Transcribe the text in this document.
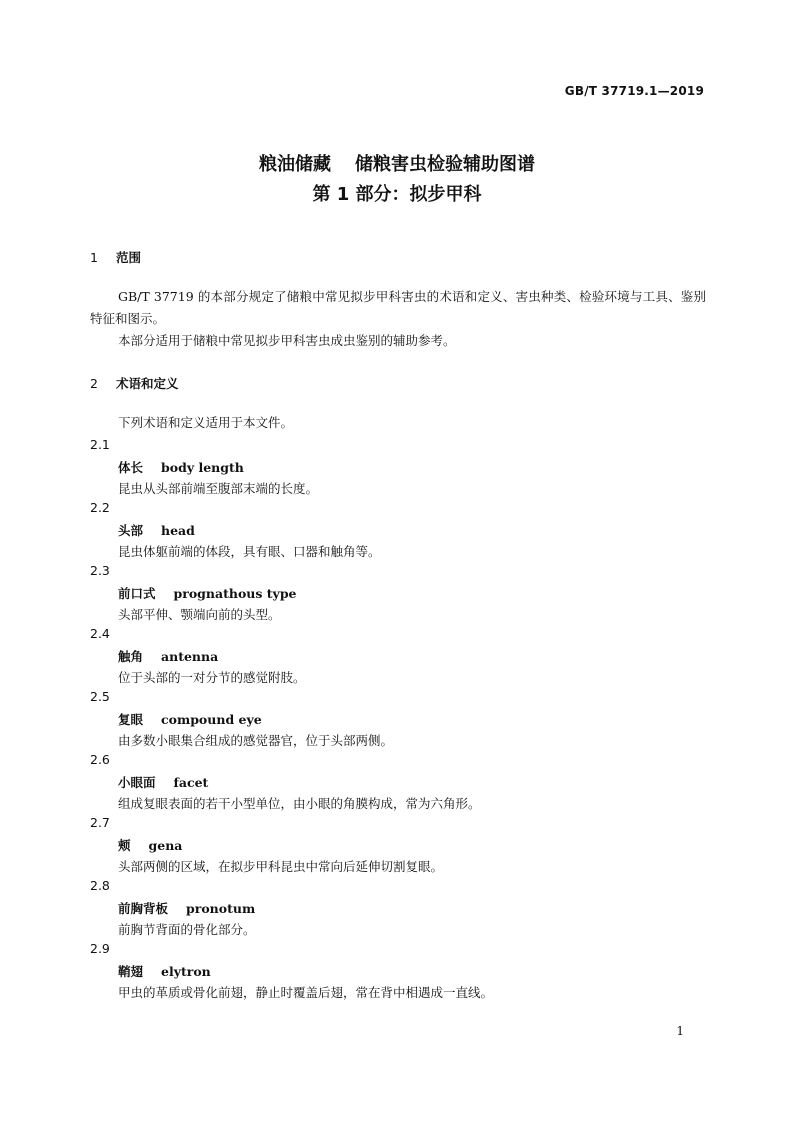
GB/T 37719.1—2019
粮油储藏 储粮害虫检验辅助图谱
第 1 部分：拟步甲科
1 范围
GB/T 37719 的本部分规定了储粮中常见拟步甲科害虫的术语和定义、害虫种类、检验环境与工具、鉴别特征和图示。
本部分适用于储粮中常见拟步甲科害虫成虫鉴别的辅助参考。
2 术语和定义
下列术语和定义适用于本文件。
2.1
体长 body length
昆虫从头部前端至腹部末端的长度。
2.2
头部 head
昆虫体躯前端的体段，具有眼、口器和触角等。
2.3
前口式 prognathous type
头部平伸、颚端向前的头型。
2.4
触角 antenna
位于头部的一对分节的感觉附肢。
2.5
复眼 compound eye
由多数小眼集合组成的感觉器官，位于头部两侧。
2.6
小眼面 facet
组成复眼表面的若干小型单位，由小眼的角膜构成，常为六角形。
2.7
颊 gena
头部两侧的区域，在拟步甲科昆虫中常向后延伸切割复眼。
2.8
前胸背板 pronotum
前胸节背面的骨化部分。
2.9
鞘翅 elytron
甲虫的革质或骨化前翅，静止时覆盖后翅，常在背中相遇成一直线。
1
